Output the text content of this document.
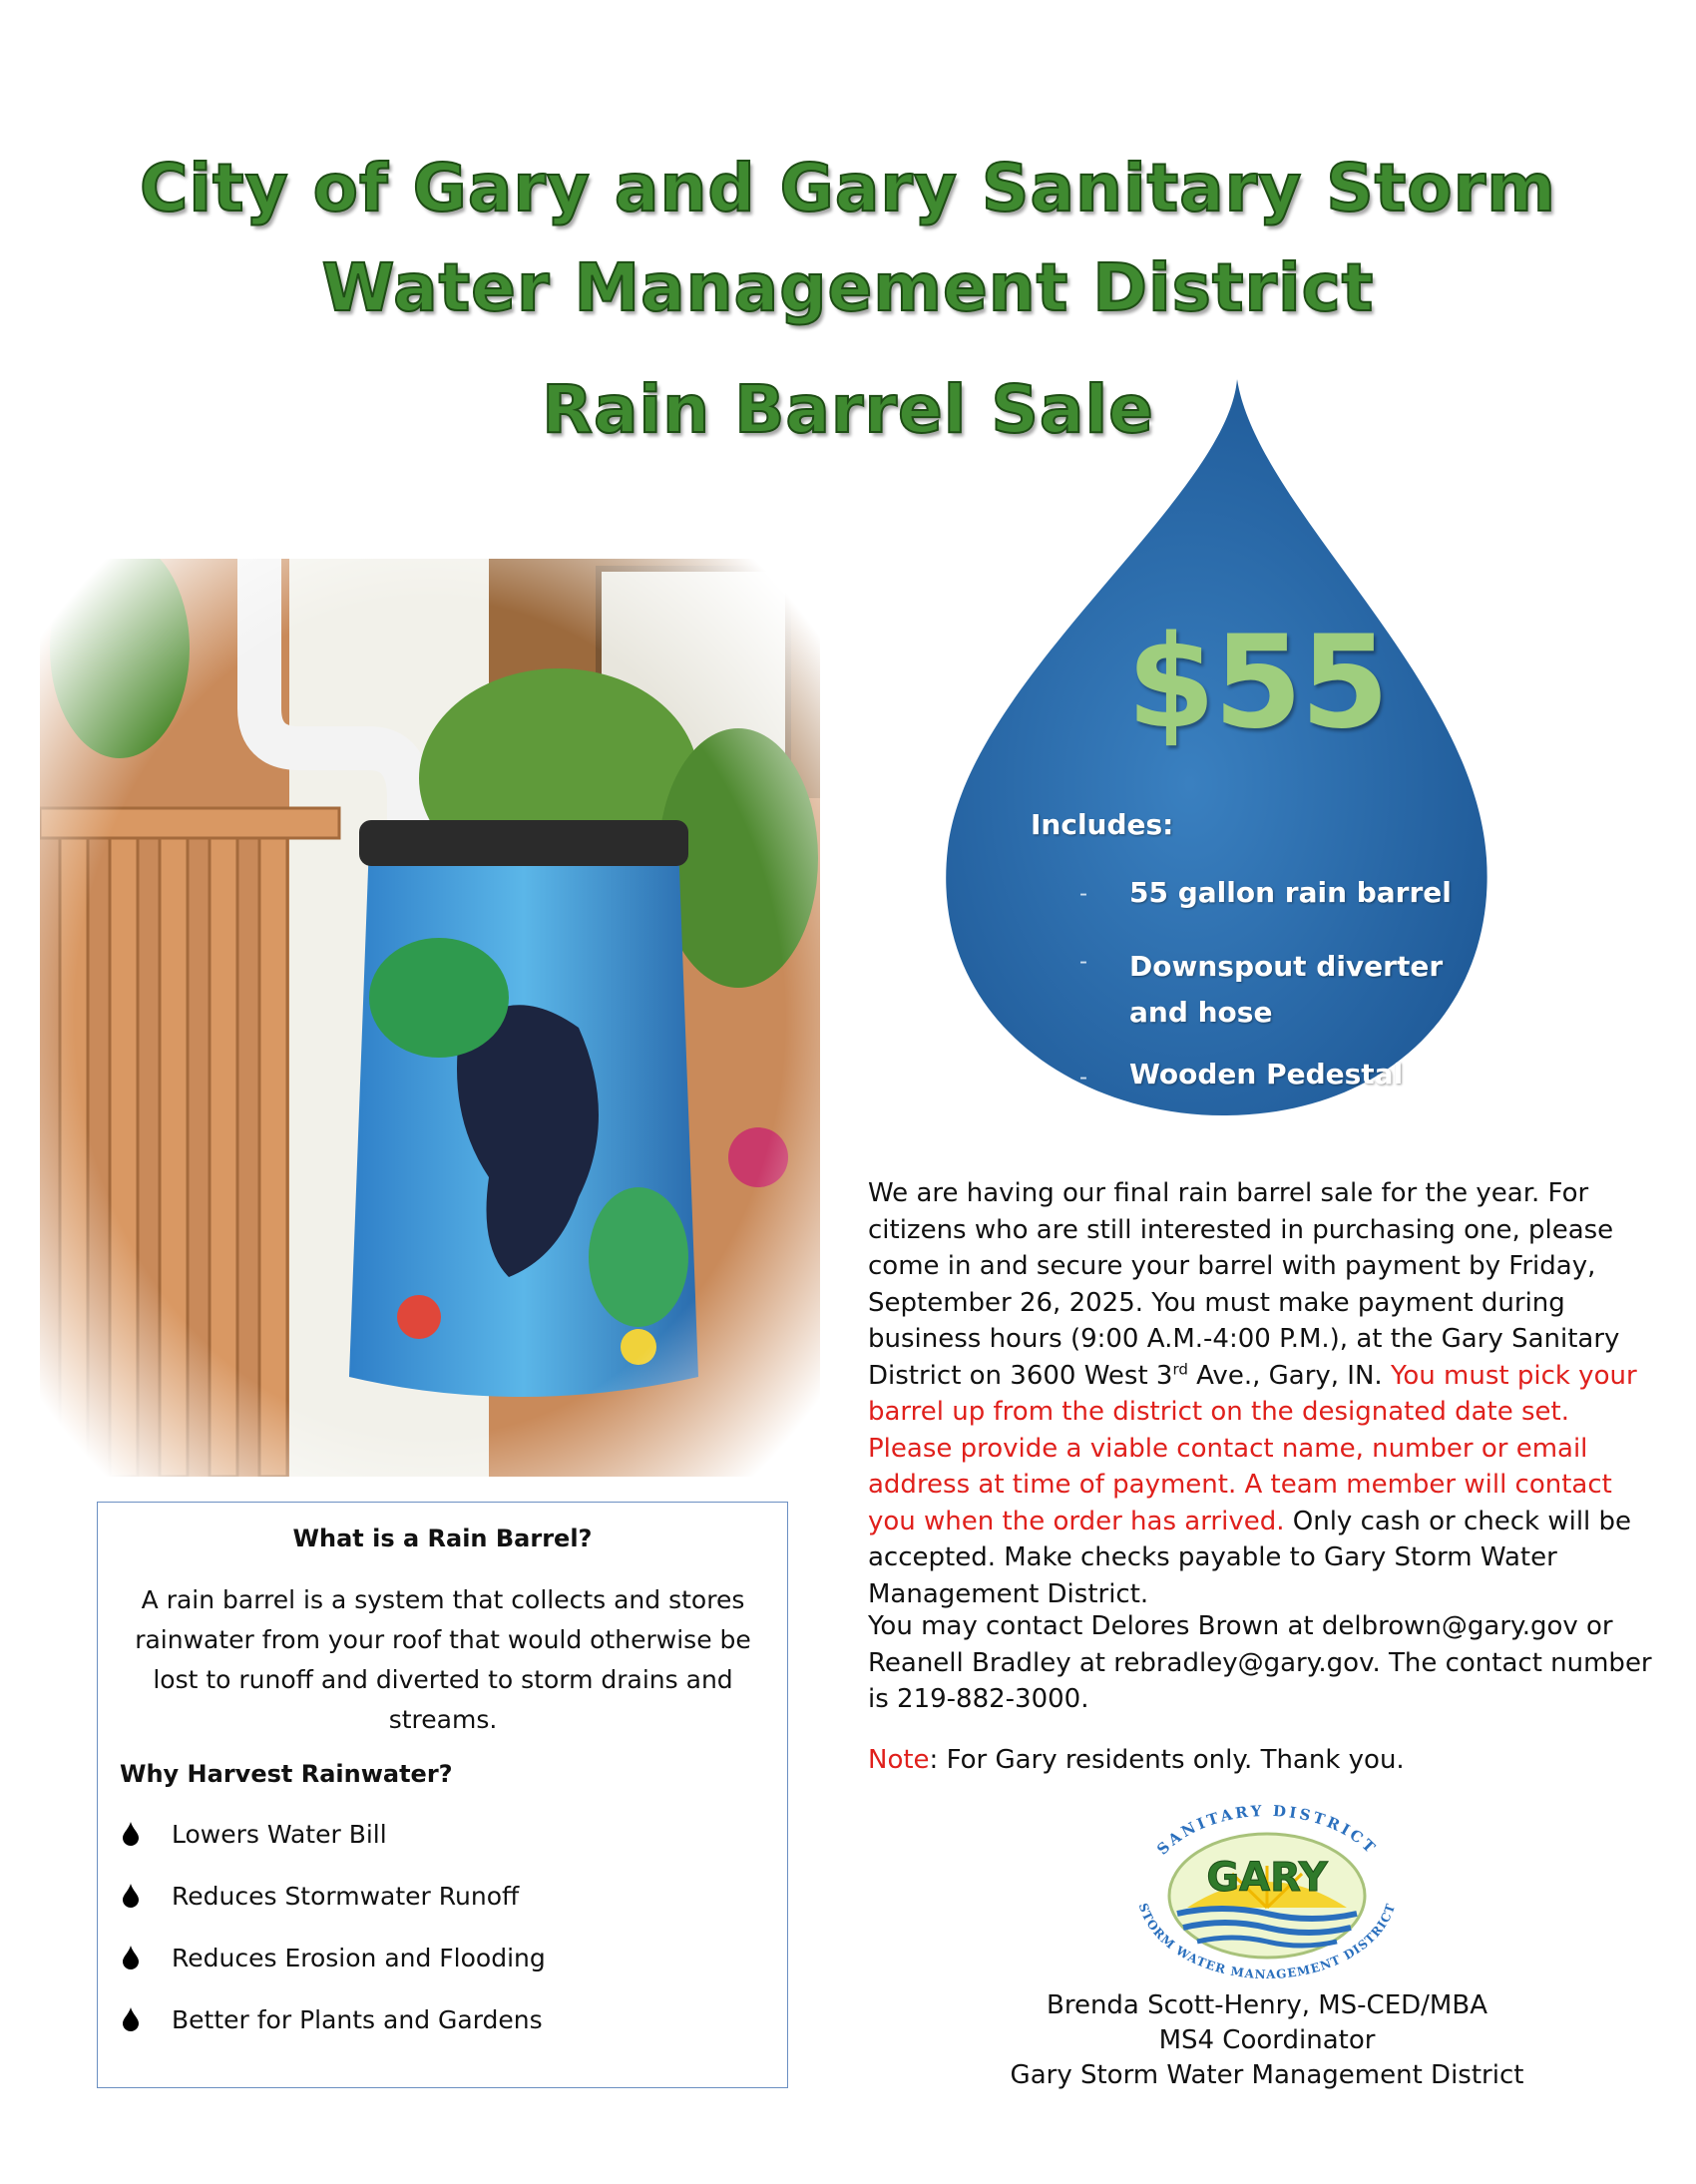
City of Gary and Gary Sanitary Storm
Water Management District
Rain Barrel Sale
$55
Includes:
-
-
-
55 gallon rain barrel
Downspout diverter and hose
Wooden Pedestal
We are having our final rain barrel sale for the year. For citizens who are still interested in purchasing one, please come in and secure your barrel with payment by Friday, September 26, 2025. You must make payment during business hours (9:00 A.M.-4:00 P.M.), at the Gary Sanitary District on 3600 West 3rd Ave., Gary, IN. You must pick your barrel up from the district on the designated date set. Please provide a viable contact name, number or email address at time of payment. A team member will contact you when the order has arrived. Only cash or check will be accepted. Make checks payable to Gary Storm Water Management District.
You may contact Delores Brown at delbrown@gary.gov or Reanell Bradley at rebradley@gary.gov. The contact number is 219-882-3000.
Note: For Gary residents only. Thank you.
GARY
SANITARY DISTRICT
STORM WATER MANAGEMENT DISTRICT
Brenda Scott-Henry, MS-CED/MBA
MS4 Coordinator
Gary Storm Water Management District
What is a Rain Barrel?
A rain barrel is a system that collects and stores rainwater from your roof that would otherwise be lost to runoff and diverted to storm drains and streams.
Why Harvest Rainwater?
Lowers Water Bill
Reduces Stormwater Runoff
Reduces Erosion and Flooding
Better for Plants and Gardens
